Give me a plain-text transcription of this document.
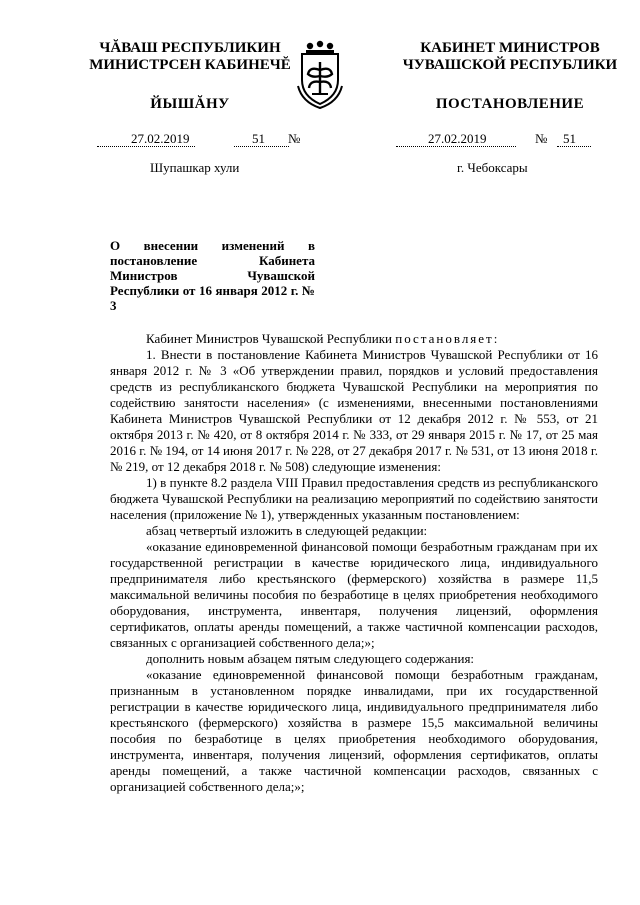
ЧĂВАШ РЕСПУБЛИКИН
МИНИСТРСЕН КАБИНЕЧĔ
ЙЫШĂНУ
КАБИНЕТ МИНИСТРОВ
ЧУВАШСКОЙ РЕСПУБЛИКИ
ПОСТАНОВЛЕНИЕ
27.02.2019	51 №	27.02.2019	№ 51
Шупашкар хули	г. Чебоксары
О внесении изменений в постановление Кабинета Министров Чувашской Республики от 16 января 2012 г. № 3

Кабинет Министров Чувашской Республики постановляет:

1. Внести в постановление Кабинета Министров Чувашской Республики от 16 января 2012 г. № 3 «Об утверждении правил, порядков и условий предоставления средств из республиканского бюджета Чувашской Республики на мероприятия по содействию занятости населения» (с изменениями, внесенными постановлениями Кабинета Министров Чувашской Республики от 12 декабря 2012 г. № 553, от 21 октября 2013 г. № 420, от 8 октября 2014 г. № 333, от 29 января 2015 г. № 17, от 25 мая 2016 г. № 194, от 14 июня 2017 г. № 228, от 27 декабря 2017 г. № 531, от 13 июня 2018 г. № 219, от 12 декабря 2018 г. № 508) следующие изменения:

1) в пункте 8.2 раздела VIII Правил предоставления средств из республиканского бюджета Чувашской Республики на реализацию мероприятий по содействию занятости населения (приложение № 1), утвержденных указанным постановлением:

абзац четвертый изложить в следующей редакции:

«оказание единовременной финансовой помощи безработным гражданам при их государственной регистрации в качестве юридического лица, индивидуального предпринимателя либо крестьянского (фермерского) хозяйства в размере 11,5 максимальной величины пособия по безработице в целях приобретения необходимого оборудования, инструмента, инвентаря, получения лицензий, оформления сертификатов, оплаты аренды помещений, а также частичной компенсации расходов, связанных с организацией собственного дела;»;

дополнить новым абзацем пятым следующего содержания:

«оказание единовременной финансовой помощи безработным гражданам, признанным в установленном порядке инвалидами, при их государственной регистрации в качестве юридического лица, индивидуального предпринимателя либо крестьянского (фермерского) хозяйства в размере 15,5 максимальной величины пособия по безработице в целях приобретения необходимого оборудования, инструмента, инвентаря, получения лицензий, оформления сертификатов, оплаты аренды помещений, а также частичной компенсации расходов, связанных с организацией собственного дела;»;
